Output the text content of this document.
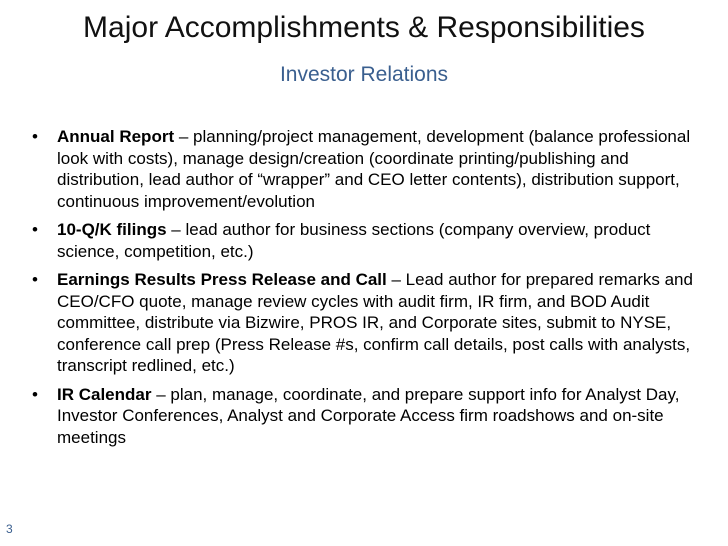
Major Accomplishments & Responsibilities
Investor Relations
• Annual Report – planning/project management, development (balance professional look with costs), manage design/creation (coordinate printing/publishing and distribution, lead author of “wrapper” and CEO letter contents), distribution support, continuous improvement/evolution
• 10-Q/K filings – lead author for business sections (company overview, product science, competition, etc.)
• Earnings Results Press Release and Call – Lead author for prepared remarks and CEO/CFO quote, manage review cycles with audit firm, IR firm, and BOD Audit committee, distribute via Bizwire, PROS IR, and Corporate sites, submit to NYSE, conference call prep (Press Release #s, confirm call details, post calls with analysts, transcript redlined, etc.)
• IR Calendar – plan, manage, coordinate, and prepare support info for Analyst Day, Investor Conferences, Analyst and Corporate Access firm roadshows and on-site meetings
3
